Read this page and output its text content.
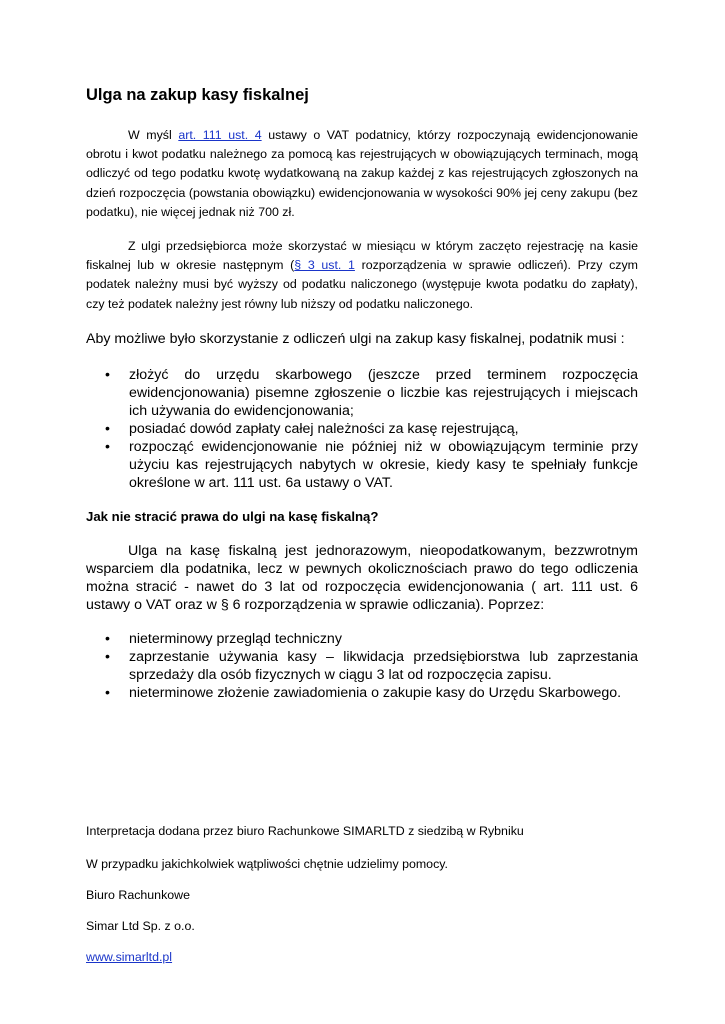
Ulga na zakup kasy fiskalnej

W myśl art. 111 ust. 4 ustawy o VAT podatnicy, którzy rozpoczynają ewidencjonowanie obrotu i kwot podatku należnego za pomocą kas rejestrujących w obowiązujących terminach, mogą odliczyć od tego podatku kwotę wydatkowaną na zakup każdej z kas rejestrujących zgłoszonych na dzień rozpoczęcia (powstania obowiązku) ewidencjonowania w wysokości 90% jej ceny zakupu (bez podatku), nie więcej jednak niż 700 zł.

Z ulgi przedsiębiorca może skorzystać w miesiącu w którym zaczęto rejestrację na kasie fiskalnej lub w okresie następnym (§ 3 ust. 1 rozporządzenia w sprawie odliczeń). Przy czym podatek należny musi być wyższy od podatku naliczonego (występuje kwota podatku do zapłaty), czy też podatek należny jest równy lub niższy od podatku naliczonego.

Aby możliwe było skorzystanie z odliczeń ulgi na zakup kasy fiskalnej, podatnik musi :

• złożyć do urzędu skarbowego (jeszcze przed terminem rozpoczęcia ewidencjonowania) pisemne zgłoszenie o liczbie kas rejestrujących i miejscach ich używania do ewidencjonowania;
• posiadać dowód zapłaty całej należności za kasę rejestrującą,
• rozpocząć ewidencjonowanie nie później niż w obowiązującym terminie przy użyciu kas rejestrujących nabytych w okresie, kiedy kasy te spełniały funkcje określone w art. 111 ust. 6a ustawy o VAT.
Jak nie stracić prawa do ulgi na kasę fiskalną?

Ulga na kasę fiskalną jest jednorazowym, nieopodatkowanym, bezzwrotnym wsparciem dla podatnika, lecz w pewnych okolicznościach prawo do tego odliczenia można stracić - nawet do 3 lat od rozpoczęcia ewidencjonowania ( art. 111 ust. 6 ustawy o VAT oraz w § 6 rozporządzenia w sprawie odliczania). Poprzez:

• nieterminowy przegląd techniczny
• zaprzestanie używania kasy – likwidacja przedsiębiorstwa lub zaprzestania sprzedaży dla osób fizycznych w ciągu 3 lat od rozpoczęcia zapisu.
• nieterminowe złożenie zawiadomienia o zakupie kasy do Urzędu Skarbowego.

Interpretacja dodana przez biuro Rachunkowe SIMARLTD z siedzibą w Rybniku

W przypadku jakichkolwiek wątpliwości chętnie udzielimy pomocy.

Biuro Rachunkowe

Simar Ltd Sp. z o.o.

www.simarltd.pl
